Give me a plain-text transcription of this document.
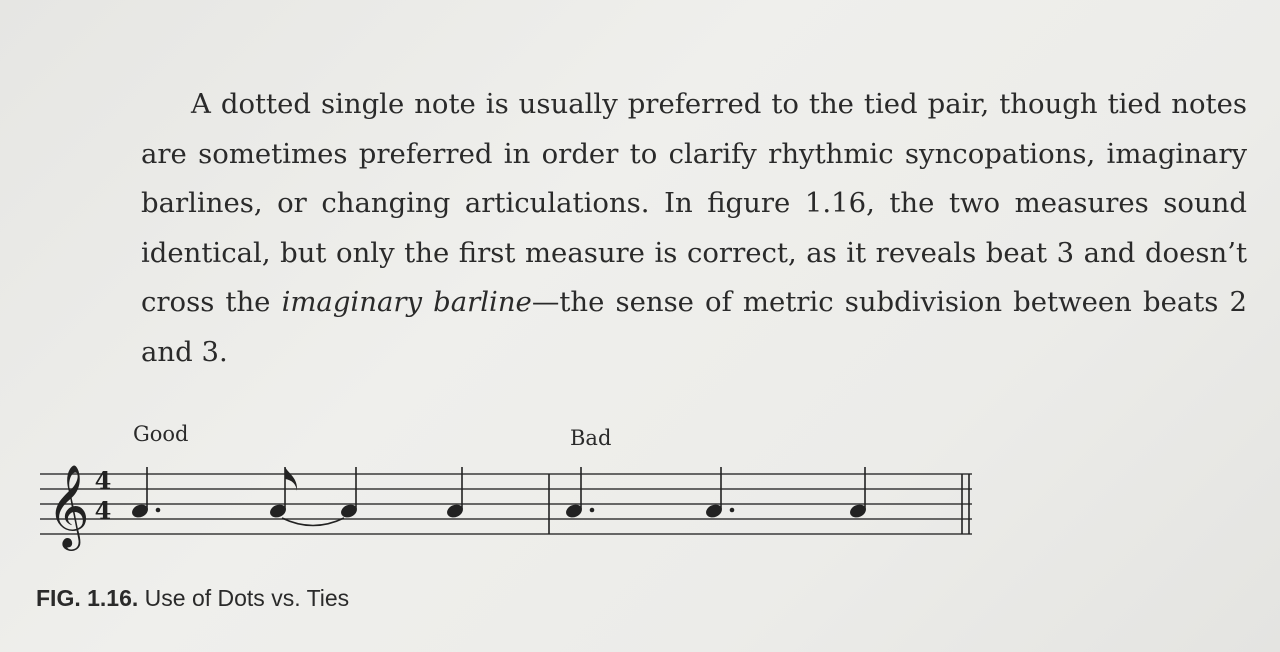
A dotted single note is usually preferred to the tied pair, though tied notes are sometimes preferred in order to clarify rhythmic syncopations, imaginary barlines, or changing articulations. In figure 1.16, the two measures sound identical, but only the first measure is correct, as it reveals beat 3 and doesn’t cross the imaginary barline—the sense of metric subdivision between beats 2 and 3.

Good	Bad
𝄞 4
4
FIG. 1.16. Use of Dots vs. Ties
